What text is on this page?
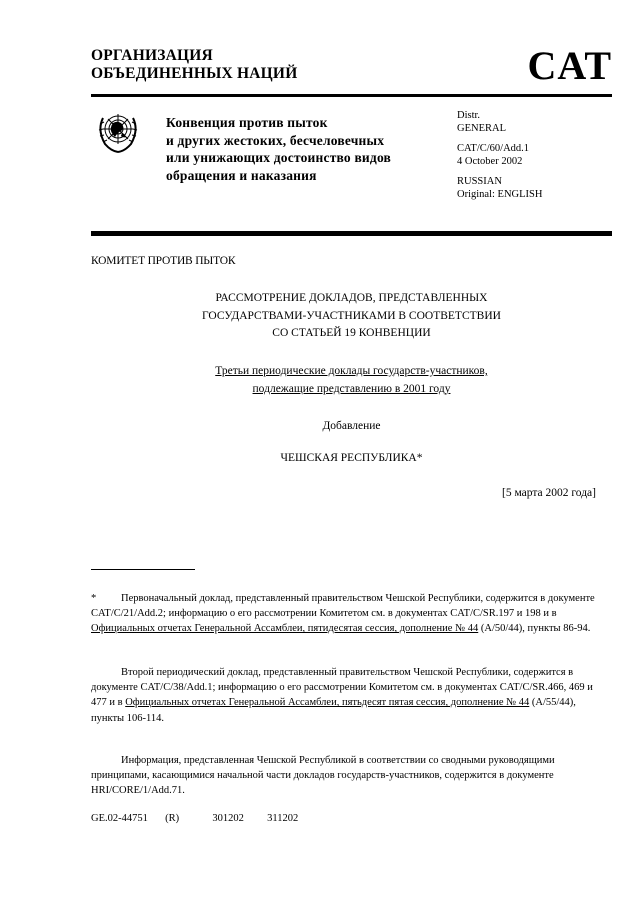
ОРГАНИЗАЦИЯ
ОБЪЕДИНЕННЫХ НАЦИЙ	CAT
Конвенция против пыток
и других жестоких, бесчеловечных
или унижающих достоинство видов
обращения и наказания
Distr.
GENERAL
CAT/C/60/Add.1
4 October 2002
RUSSIAN
Original: ENGLISH
КОМИТЕТ ПРОТИВ ПЫТОК
РАССМОТРЕНИЕ ДОКЛАДОВ, ПРЕДСТАВЛЕННЫХ
ГОСУДАРСТВАМИ-УЧАСТНИКАМИ В СООТВЕТСТВИИ
СО СТАТЬЕЙ 19 КОНВЕНЦИИ
Третьи периодические доклады государств-участников,
подлежащие представлению в 2001 году
Добавление
ЧЕШСКАЯ РЕСПУБЛИКА*
[5 марта 2002 года]
* Первоначальный доклад, представленный правительством Чешской Республики, содержится в документе CAT/C/21/Add.2; информацию о его рассмотрении Комитетом см. в документах CAT/C/SR.197 и 198 и в Официальных отчетах Генеральной Ассамблеи, пятидесятая сессия, дополнение № 44 (A/50/44), пункты 86-94.
Второй периодический доклад, представленный правительством Чешской Республики, содержится в документе CAT/C/38/Add.1; информацию о его рассмотрении Комитетом см. в документах CAT/C/SR.466, 469 и 477 и в Официальных отчетах Генеральной Ассамблеи, пятьдесят пятая сессия, дополнение № 44 (A/55/44), пункты 106-114.
Информация, представленная Чешской Республикой в соответствии со сводными руководящими принципами, касающимися начальной части докладов государств-участников, содержится в документе HRI/CORE/1/Add.71.
GE.02-44751 (R)	301202 311202
